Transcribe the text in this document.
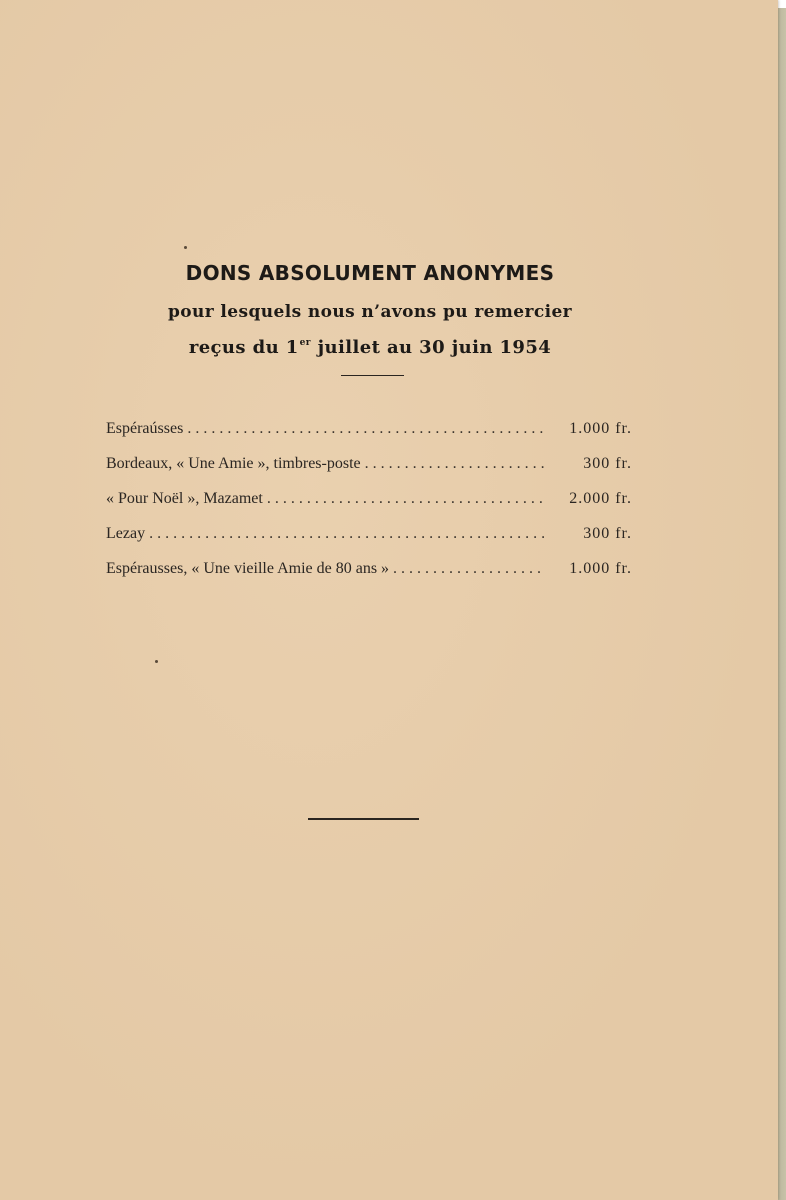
DONS ABSOLUMENT ANONYMES

pour lesquels nous n’avons pu remercier

reçus du 1er juillet au 30 juin 1954

Espéraússes . . .	1.000 fr.
Bordeaux, « Une Amie », timbres-poste . . .	300 fr.
« Pour Noël », Mazamet . . .	2.000 fr.
Lezay . . .	300 fr.
Espérausses, « Une vieille Amie de 80 ans » . . .	1.000 fr.
